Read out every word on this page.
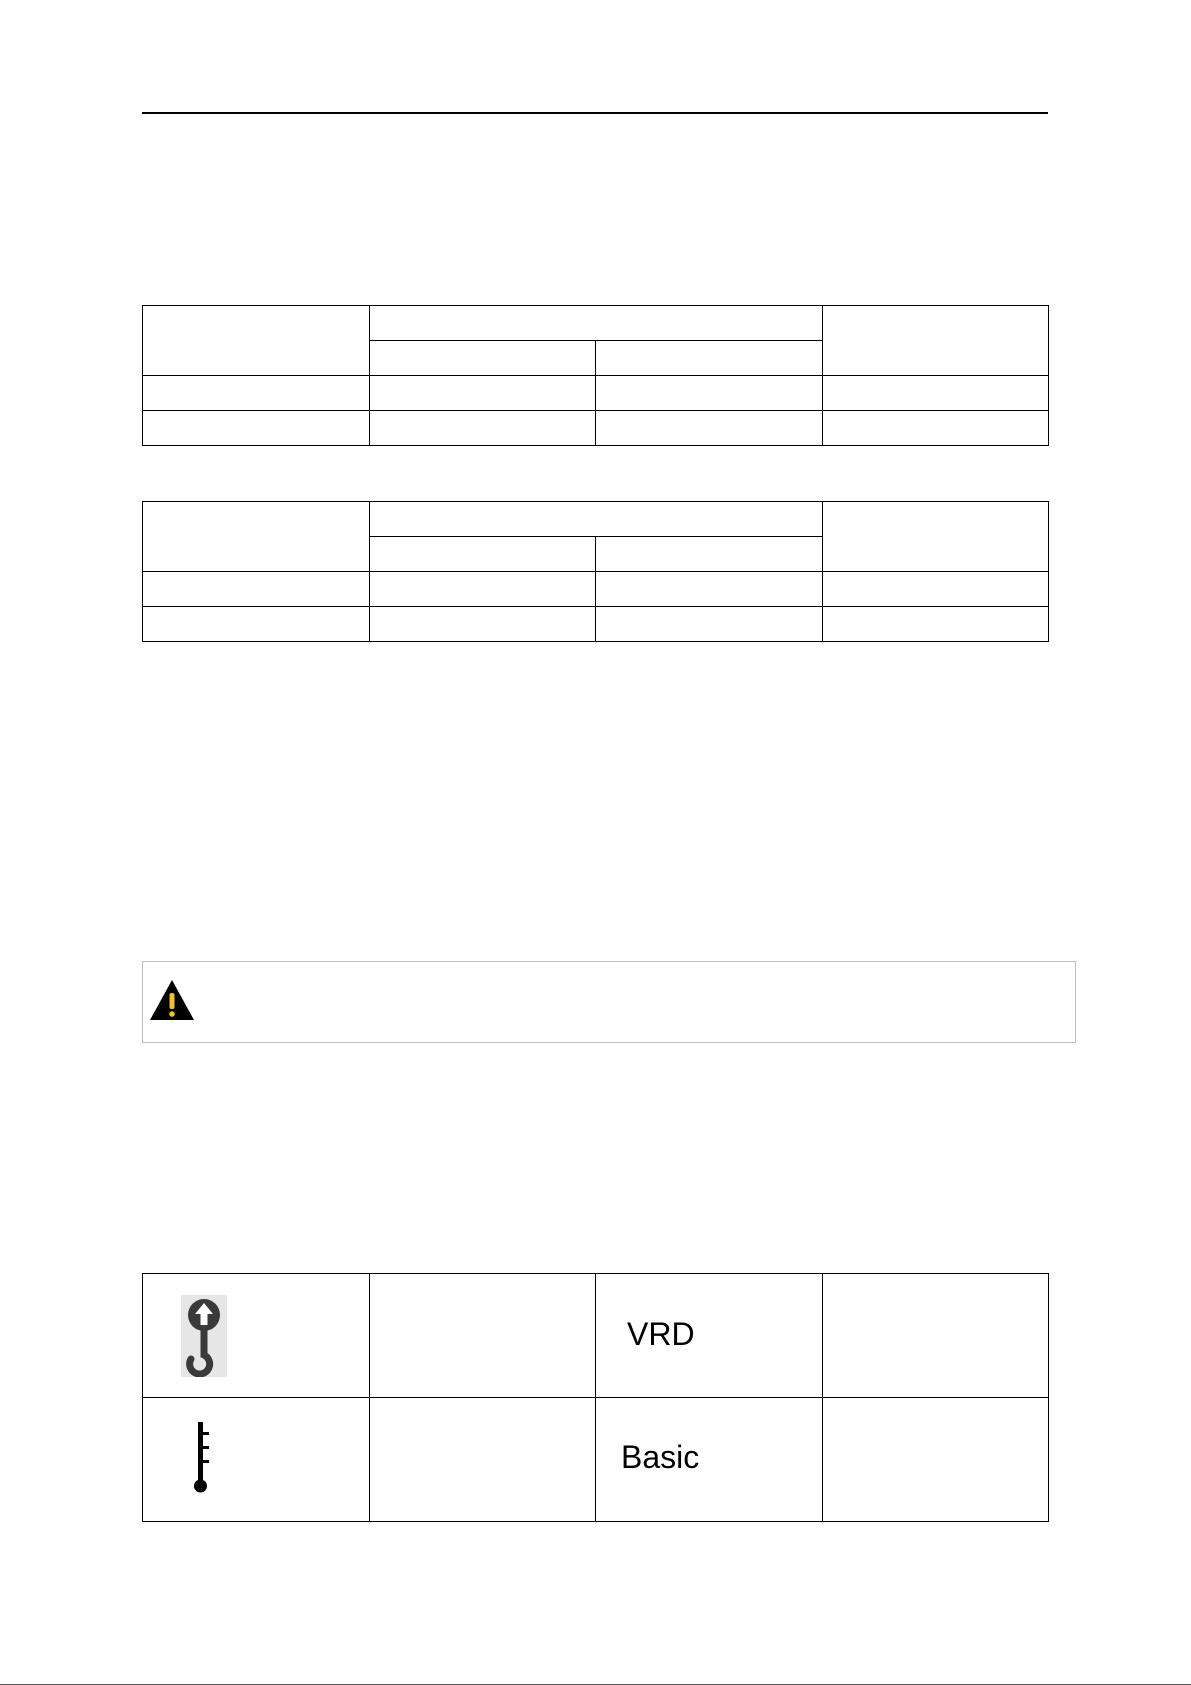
VRD	

Basic	
